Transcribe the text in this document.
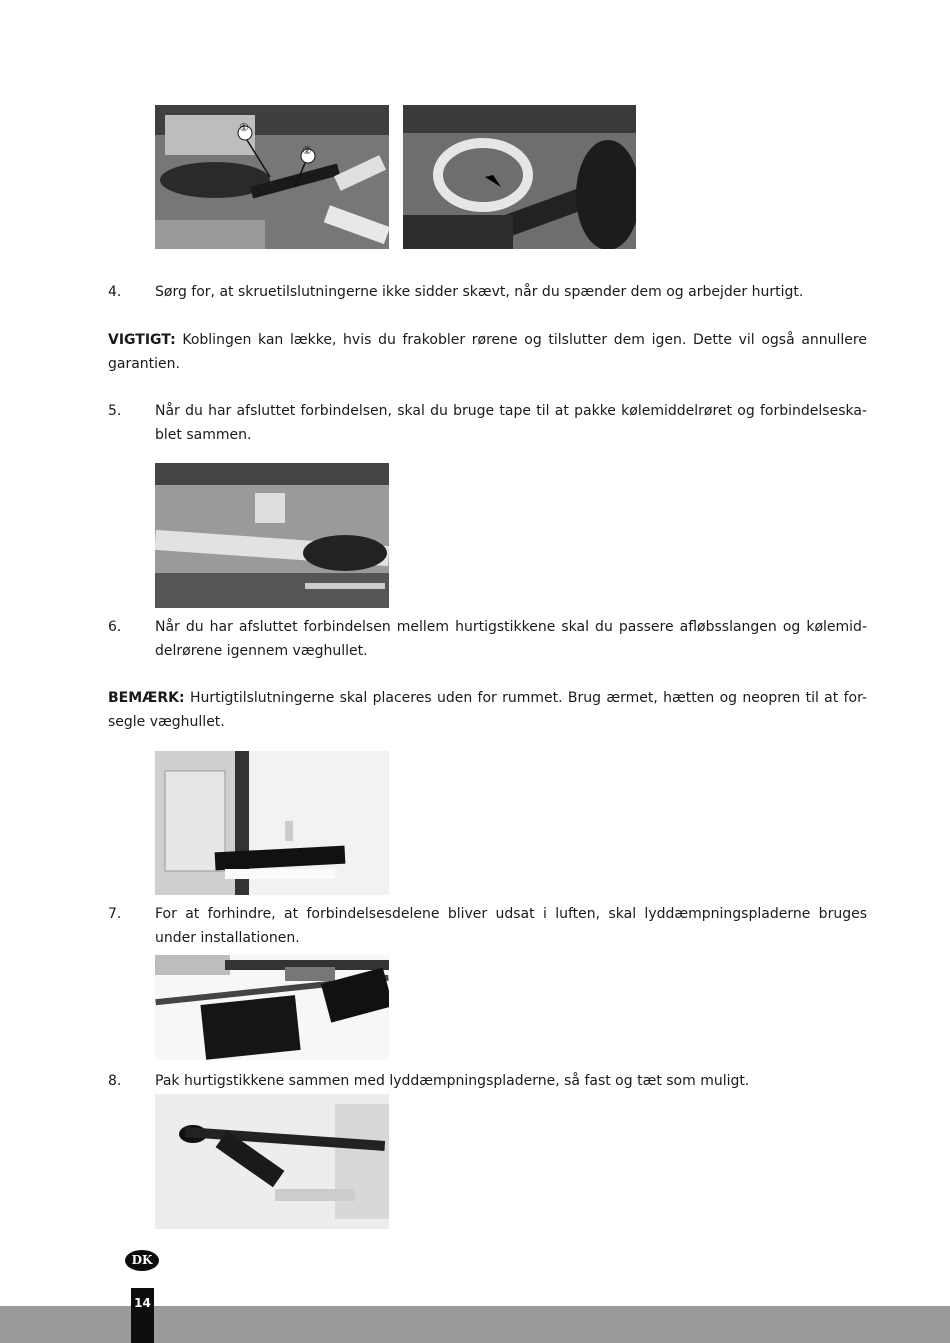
①
②
4. Sørg for, at skruetilslutningerne ikke sidder skævt, når du spænder dem og arbejder hurtigt.
VIGTIGT: Koblingen kan lække, hvis du frakobler rørene og tilslutter dem igen. Dette vil også annullere garantien.
5. Når du har afsluttet forbindelsen, skal du bruge tape til at pakke kølemiddelrøret og forbindelseska-blet sammen.
6. Når du har afsluttet forbindelsen mellem hurtigstikkene skal du passere afløbsslangen og kølemid-delrørene igennem væghullet.
BEMÆRK: Hurtigtilslutningerne skal placeres uden for rummet. Brug ærmet, hætten og neopren til at for-segle væghullet.
7. For at forhindre, at forbindelsesdelene bliver udsat i luften, skal lyddæmpningspladerne bruges under installationen.
8. Pak hurtigstikkene sammen med lyddæmpningspladerne, så fast og tæt som muligt.
DK
14
